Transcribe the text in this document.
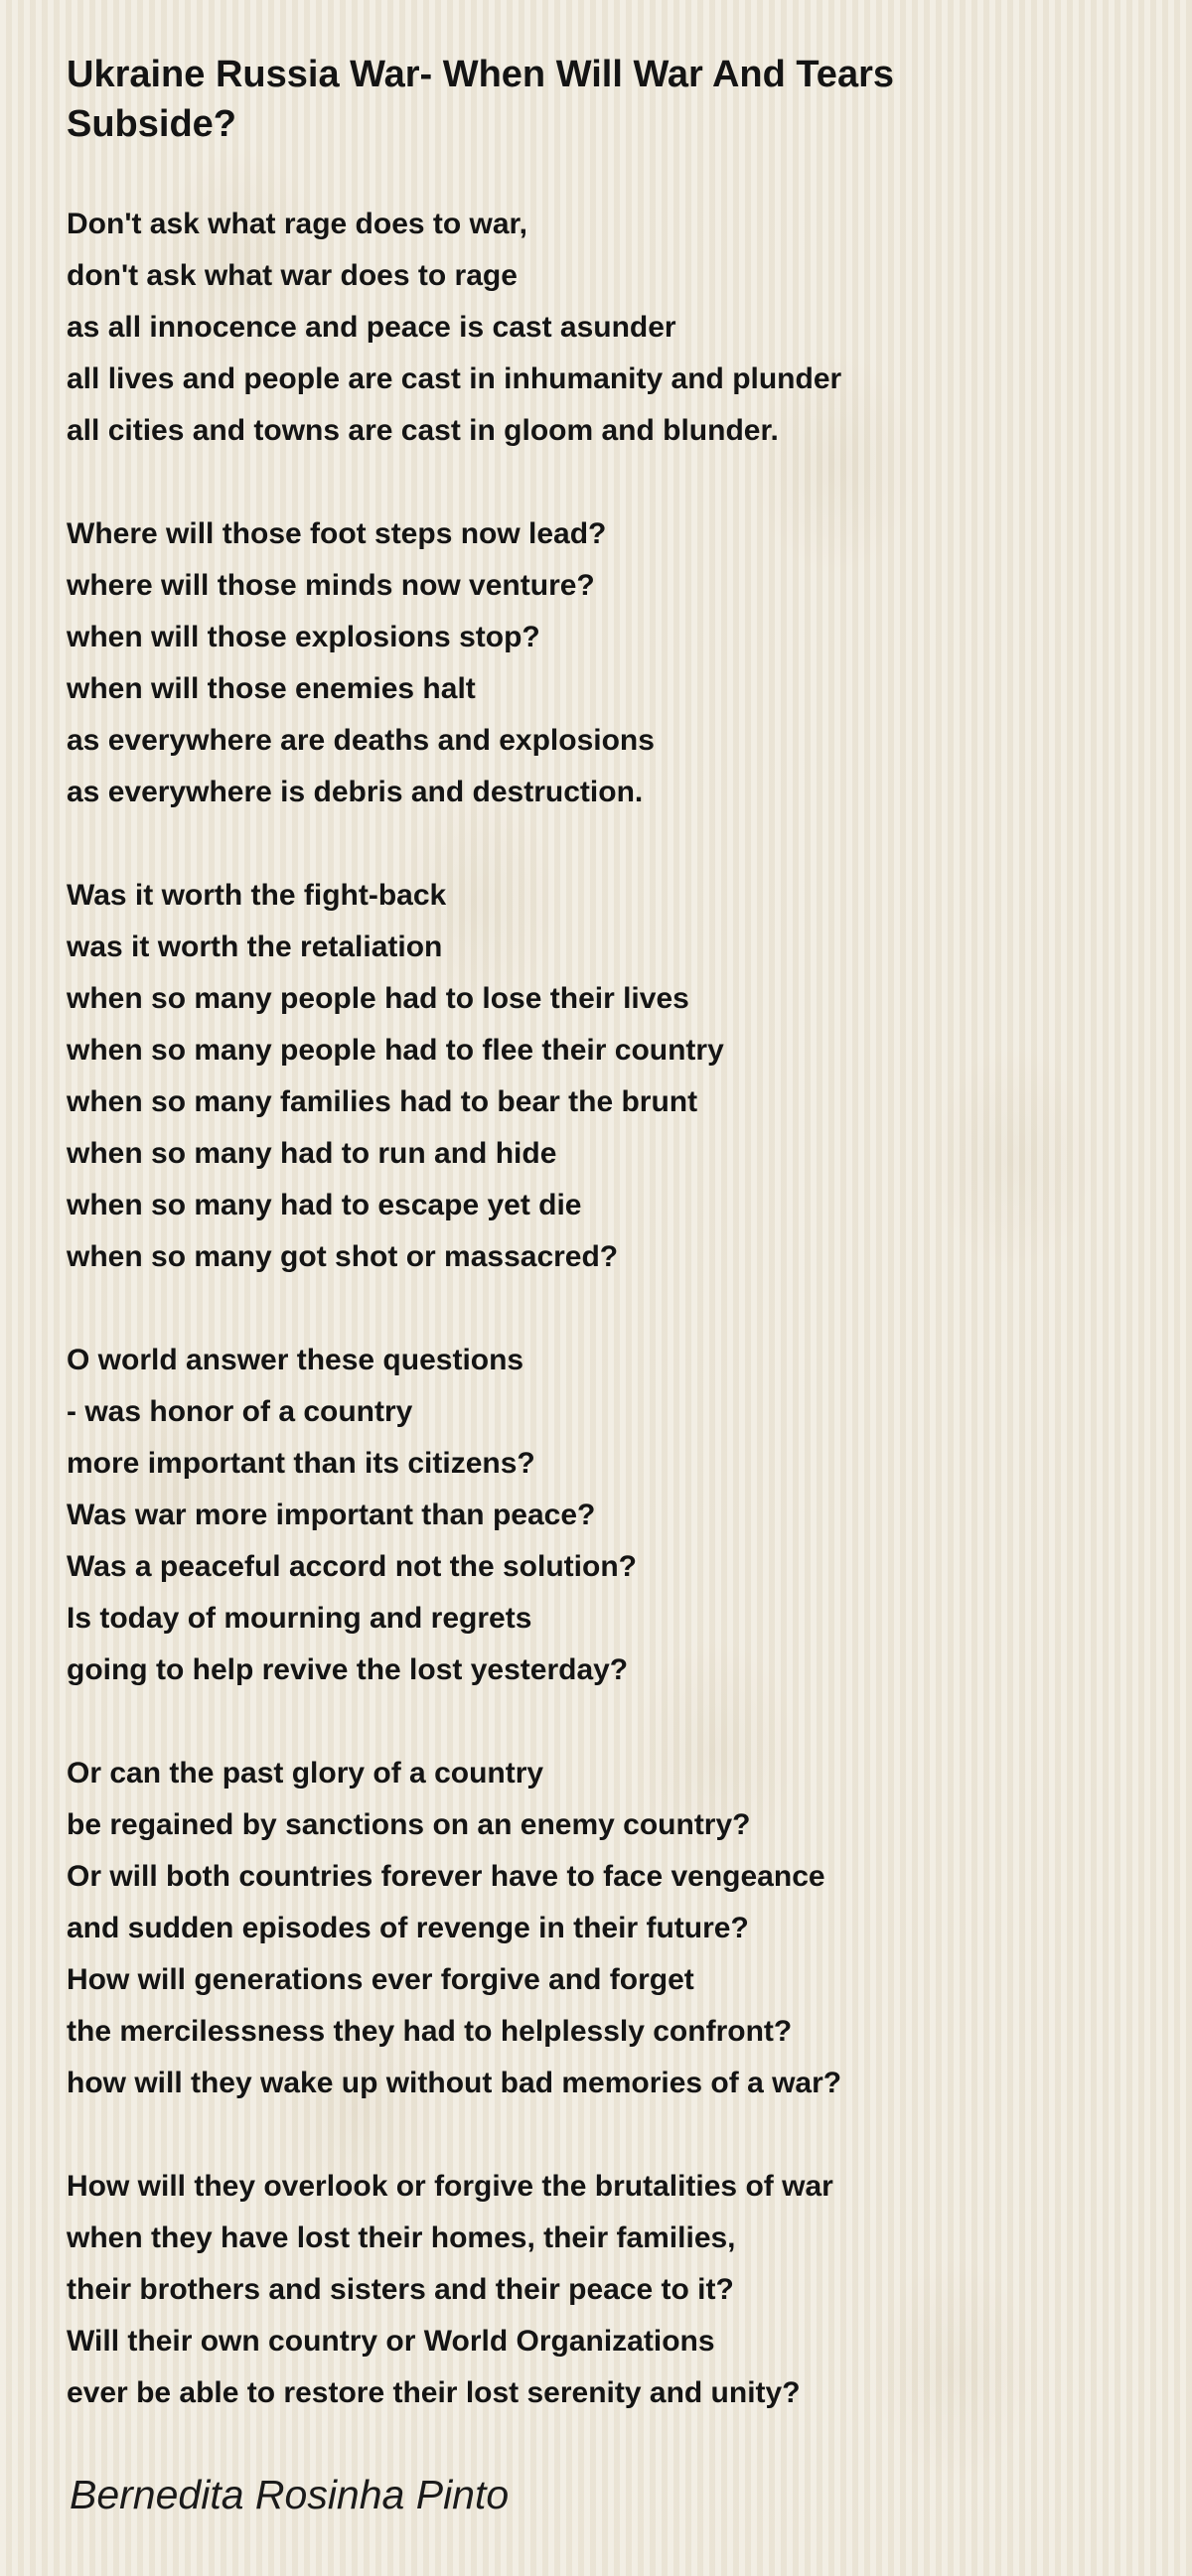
Ukraine Russia War- When Will War And Tears Subside?
Don't ask what rage does to war,
don't ask what war does to rage
as all innocence and peace is cast asunder
all lives and people are cast in inhumanity and plunder
all cities and towns are cast in gloom and blunder.
Where will those foot steps now lead?
where will those minds now venture?
when will those explosions stop?
when will those enemies halt
as everywhere are deaths and explosions
as everywhere is debris and destruction.
Was it worth the fight-back
was it worth the retaliation
when so many people had to lose their lives
when so many people had to flee their country
when so many families had to bear the brunt
when so many had to run and hide
when so many had to escape yet die
when so many got shot or massacred?
O world answer these questions
- was honor of a country
more important than its citizens?
Was war more important than peace?
Was a peaceful accord not the solution?
Is today of mourning and regrets
going to help revive the lost yesterday?
Or can the past glory of a country
be regained by sanctions on an enemy country?
Or will both countries forever have to face vengeance
and sudden episodes of revenge in their future?
How will generations ever forgive and forget
the mercilessness they had to helplessly confront?
how will they wake up without bad memories of a war?
How will they overlook or forgive the brutalities of war
when they have lost their homes, their families,
their brothers and sisters and their peace to it?
Will their own country or World Organizations
ever be able to restore their lost serenity and unity?

Bernedita Rosinha Pinto
